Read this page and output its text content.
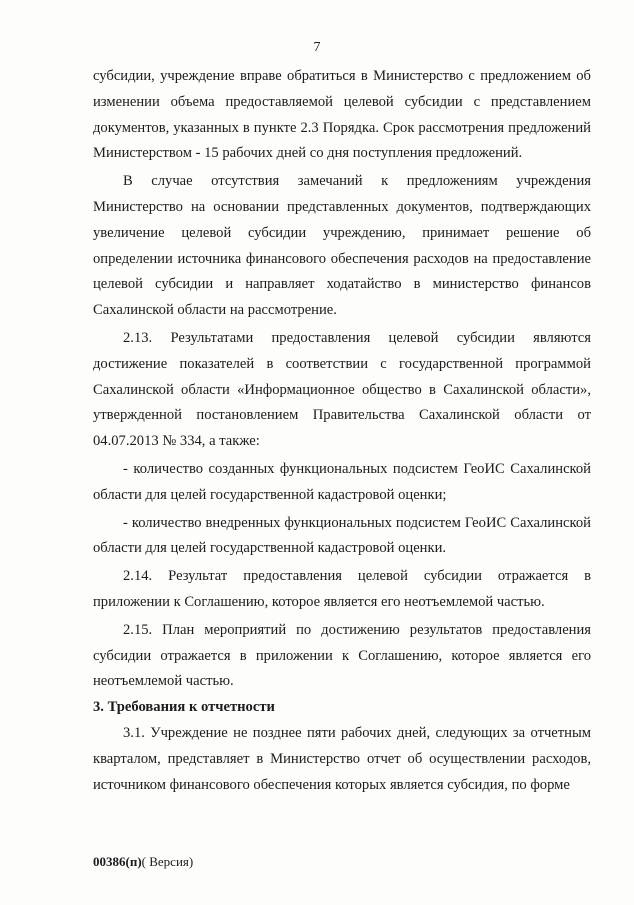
7

субсидии, учреждение вправе обратиться в Министерство с предложением об изменении объема предоставляемой целевой субсидии с представлением документов, указанных в пункте 2.3 Порядка. Срок рассмотрения предложений Министерством - 15 рабочих дней со дня поступления предложений.

В случае отсутствия замечаний к предложениям учреждения Министерство на основании представленных документов, подтверждающих увеличение целевой субсидии учреждению, принимает решение об определении источника финансового обеспечения расходов на предоставление целевой субсидии и направляет ходатайство в министерство финансов Сахалинской области на рассмотрение.

2.13. Результатами предоставления целевой субсидии являются достижение показателей в соответствии с государственной программой Сахалинской области «Информационное общество в Сахалинской области», утвержденной постановлением Правительства Сахалинской области от 04.07.2013 № 334, а также:

- количество созданных функциональных подсистем ГеоИС Сахалинской области для целей государственной кадастровой оценки;

- количество внедренных функциональных подсистем ГеоИС Сахалинской области для целей государственной кадастровой оценки.

2.14. Результат предоставления целевой субсидии отражается в приложении к Соглашению, которое является его неотъемлемой частью.

2.15. План мероприятий по достижению результатов предоставления субсидии отражается в приложении к Соглашению, которое является его неотъемлемой частью.

3. Требования к отчетности

3.1. Учреждение не позднее пяти рабочих дней, следующих за отчетным кварталом, представляет в Министерство отчет об осуществлении расходов, источником финансового обеспечения которых является субсидия, по форме

00386(п)( Версия)
